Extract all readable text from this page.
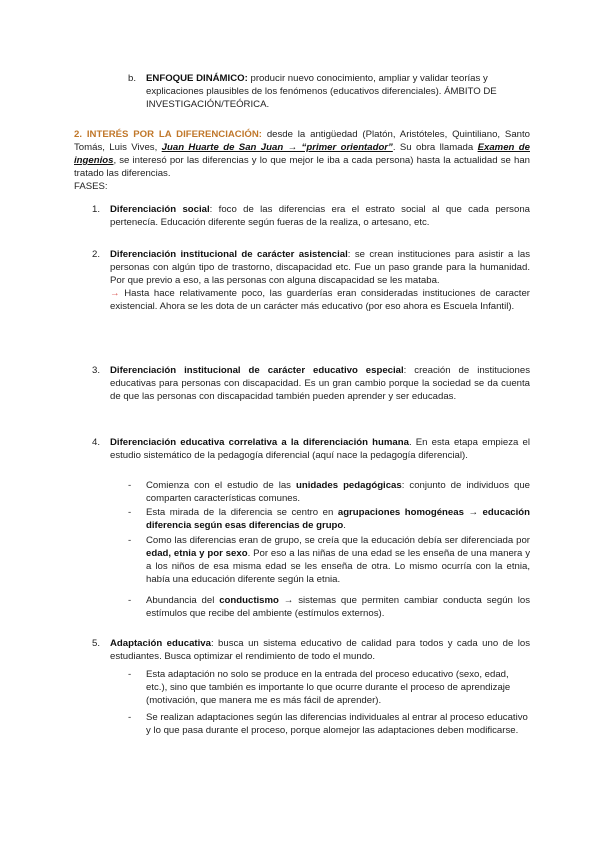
b. ENFOQUE DINÁMICO: producir nuevo conocimiento, ampliar y validar teorías y explicaciones plausibles de los fenómenos (educativos diferenciales). ÁMBITO DE INVESTIGACIÓN/TEÓRICA.

2. INTERÉS POR LA DIFERENCIACIÓN: desde la antigüedad (Platón, Aristóteles, Quintiliano, Santo Tomás, Luis Vives, Juan Huarte de San Juan → “primer orientador”. Su obra llamada Examen de ingenios, se interesó por las diferencias y lo que mejor le iba a cada persona) hasta la actualidad se han tratado las diferencias.

FASES:

1. Diferenciación social: foco de las diferencias era el estrato social al que cada persona pertenecía. Educación diferente según fueras de la realiza, o artesano, etc.

2. Diferenciación institucional de carácter asistencial: se crean instituciones para asistir a las personas con algún tipo de trastorno, discapacidad etc. Fue un paso grande para la humanidad. Por que previo a eso, a las personas con alguna discapacidad se les mataba.

→ Hasta hace relativamente poco, las guarderías eran consideradas instituciones de caracter existencial. Ahora se les dota de un carácter más educativo (por eso ahora es Escuela Infantil).

3. Diferenciación institucional de carácter educativo especial: creación de instituciones educativas para personas con discapacidad. Es un gran cambio porque la sociedad se da cuenta de que las personas con discapacidad también pueden aprender y ser educadas.

4. Diferenciación educativa correlativa a la diferenciación humana. En esta etapa empieza el estudio sistemático de la pedagogía diferencial (aquí nace la pedagogía diferencial).

- Comienza con el estudio de las unidades pedagógicas: conjunto de individuos que comparten características comunes.

- Esta mirada de la diferencia se centro en agrupaciones homogéneas → educación diferencia según esas diferencias de grupo.

- Como las diferencias eran de grupo, se creía que la educación debía ser diferenciada por edad, etnia y por sexo. Por eso a las niñas de una edad se les enseña de una manera y a los niños de esa misma edad se les enseña de otra. Lo mismo ocurría con la etnia, había una educación diferente según la etnia.

- Abundancia del conductismo → sistemas que permiten cambiar conducta según los estímulos que recibe del ambiente (estímulos externos).

5. Adaptación educativa: busca un sistema educativo de calidad para todos y cada uno de los estudiantes. Busca optimizar el rendimiento de todo el mundo.

- Esta adaptación no solo se produce en la entrada del proceso educativo (sexo, edad, etc.), sino que también es importante lo que ocurre durante el proceso de aprendizaje (motivación, que manera me es más fácil de aprender).

- Se realizan adaptaciones según las diferencias individuales al entrar al proceso educativo y lo que pasa durante el proceso, porque alomejor las adaptaciones deben modificarse.
